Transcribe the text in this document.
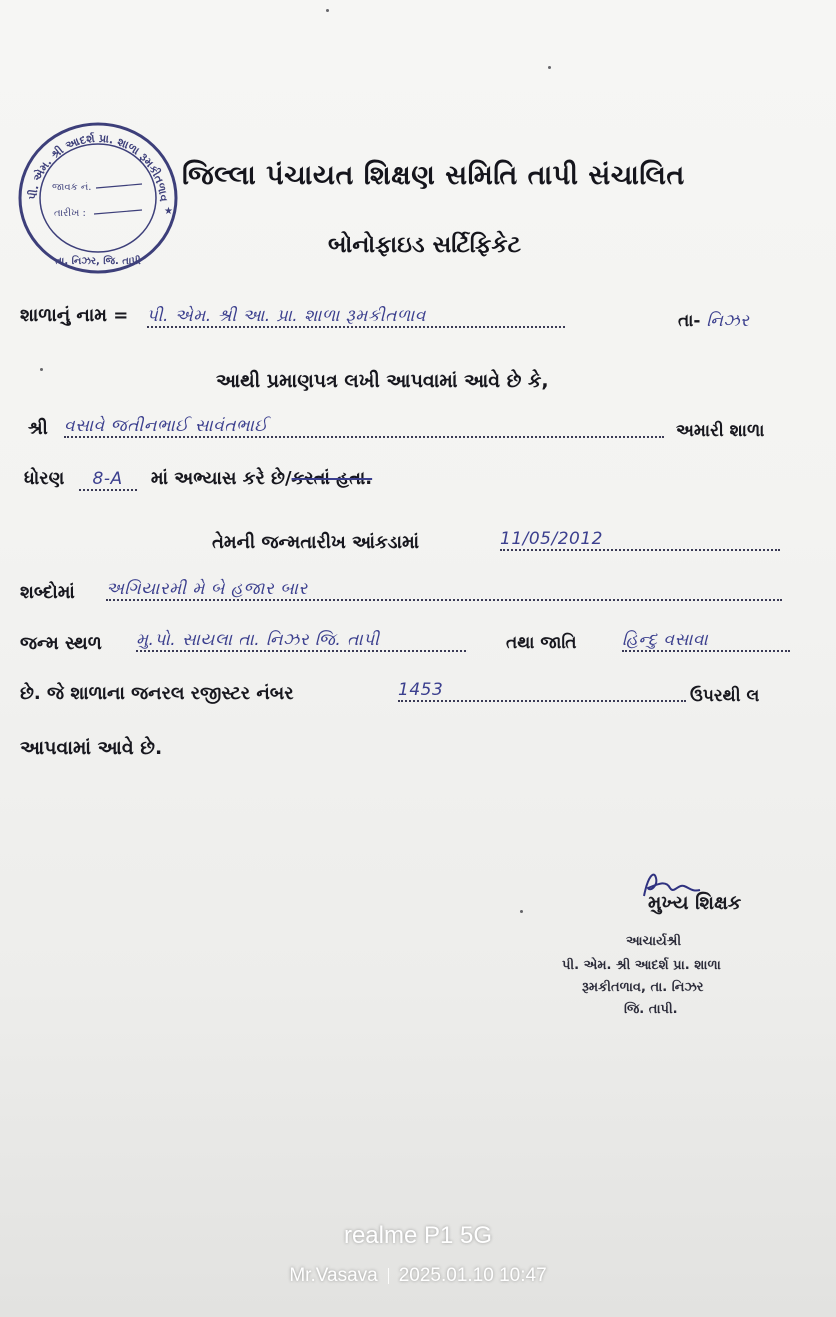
પી. એમ. શ્રી આદર્શ પ્રા. શાળા રૂમકીતળાવ
તા. નિઝર, જિ. તાપી
જાવક નં.
તારીખ :	★
જિલ્લા પંચાયત શિક્ષણ સમિતિ તાપી સંચાલિત
બોનોફાઇડ સર્ટિફિકેટ
શાળાનું નામ = પી. એમ. શ્રી આ. પ્રા. શાળા રૂમકીતળાવ	તા- નિઝર
આથી પ્રમાણપત્ર લખી આપવામાં આવે છે કે,
શ્રી વસાવે જતીનભાઈ સાવંતભાઈ	અમારી શાળા
ધોરણ 8-A માં અભ્યાસ કરે છે/કરતાં હતા.
તેમની જન્મતારીખ આંકડામાં	11/05/2012
શબ્દોમાં અગિયારમી મે બે હજાર બાર
જન્મ સ્થળ મુ.પો. સાયલા તા. નિઝર જિ. તાપી	તથા જાતિ	હિન્દુ વસાવા
છે. જે શાળાના જનરલ રજીસ્ટર નંબર	1453	ઉપરથી લ
આપવામાં આવે છે.
મુખ્ય શિક્ષક
આચાર્યશ્રી
પી. એમ. શ્રી આદર્શ પ્રા. શાળા
રૂમકીતળાવ, તા. નિઝર
જિ. તાપી.
realme P1 5G
Mr.Vasava 2025.01.10 10:47
